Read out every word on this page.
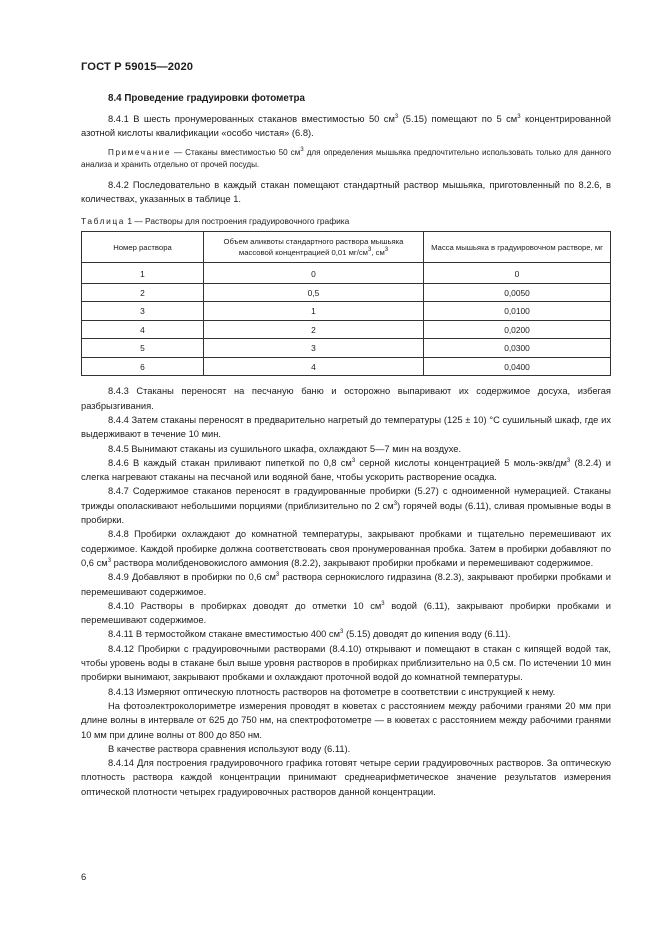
ГОСТ Р 59015—2020

8.4 Проведение градуировки фотометра

8.4.1 В шесть пронумерованных стаканов вместимостью 50 $см^3$ (5.15) помещают по 5 $см^3$ концентрированной азотной кислоты квалификации «особо чистая» (6.8).

Примечание — Стаканы вместимостью 50 $см^3$ для определения мышьяка предпочтительно использовать только для данного анализа и хранить отдельно от прочей посуды.

8.4.2 Последовательно в каждый стакан помещают стандартный раствор мышьяка, приготовленный по 8.2.6, в количествах, указанных в таблице 1.

Таблица 1 — Растворы для построения градуировочного графика

Номер раствора	Объем аликвоты стандартного раствора мышьяка массовой концентрацией 0,01 $мг/см^3$, $см^3$	Масса мышьяка в градуировочном растворе, мг
1	0	0
2	0,5	0,0050
3	1	0,0100
4	2	0,0200
5	3	0,0300
6	4	0,0400

8.4.3 Стаканы переносят на песчаную баню и осторожно выпаривают их содержимое досуха, избегая разбрызгивания.

8.4.4 Затем стаканы переносят в предварительно нагретый до температуры (125 ± 10) °С сушильный шкаф, где их выдерживают в течение 10 мин.

8.4.5 Вынимают стаканы из сушильного шкафа, охлаждают 5—7 мин на воздухе.

8.4.6 В каждый стакан приливают пипеткой по 0,8 $см^3$ серной кислоты концентрацией 5 моль-$экв/дм^3$ (8.2.4) и слегка нагревают стаканы на песчаной или водяной бане, чтобы ускорить растворение осадка.

8.4.7 Содержимое стаканов переносят в градуированные пробирки (5.27) с одноименной нумерацией. Стаканы трижды ополаскивают небольшими порциями (приблизительно по 2 $см^3$) горячей воды (6.11), сливая промывные воды в пробирки.

8.4.8 Пробирки охлаждают до комнатной температуры, закрывают пробками и тщательно перемешивают их содержимое. Каждой пробирке должна соответствовать своя пронумерованная пробка. Затем в пробирки добавляют по 0,6 $см^3$ раствора молибденовокислого аммония (8.2.2), закрывают пробирки пробками и перемешивают содержимое.

8.4.9 Добавляют в пробирки по 0,6 $см^3$ раствора сернокислого гидразина (8.2.3), закрывают пробирки пробками и перемешивают содержимое.

8.4.10 Растворы в пробирках доводят до отметки 10 $см^3$ водой (6.11), закрывают пробирки пробками и перемешивают содержимое.

8.4.11 В термостойком стакане вместимостью 400 $см^3$ (5.15) доводят до кипения воду (6.11).

8.4.12 Пробирки с градуировочными растворами (8.4.10) открывают и помещают в стакан с кипящей водой так, чтобы уровень воды в стакане был выше уровня растворов в пробирках приблизительно на 0,5 см. По истечении 10 мин пробирки вынимают, закрывают пробками и охлаждают проточной водой до комнатной температуры.

8.4.13 Измеряют оптическую плотность растворов на фотометре в соответствии с инструкцией к нему.

На фотоэлектроколориметре измерения проводят в кюветах с расстоянием между рабочими гранями 20 мм при длине волны в интервале от 625 до 750 нм, на спектрофотометре — в кюветах с расстоянием между рабочими гранями 10 мм при длине волны от 800 до 850 нм.

В качестве раствора сравнения используют воду (6.11).

8.4.14 Для построения градуировочного графика готовят четыре серии градуировочных растворов. За оптическую плотность раствора каждой концентрации принимают среднеарифметическое значение результатов измерения оптической плотности четырех градуировочных растворов данной концентрации.

6
